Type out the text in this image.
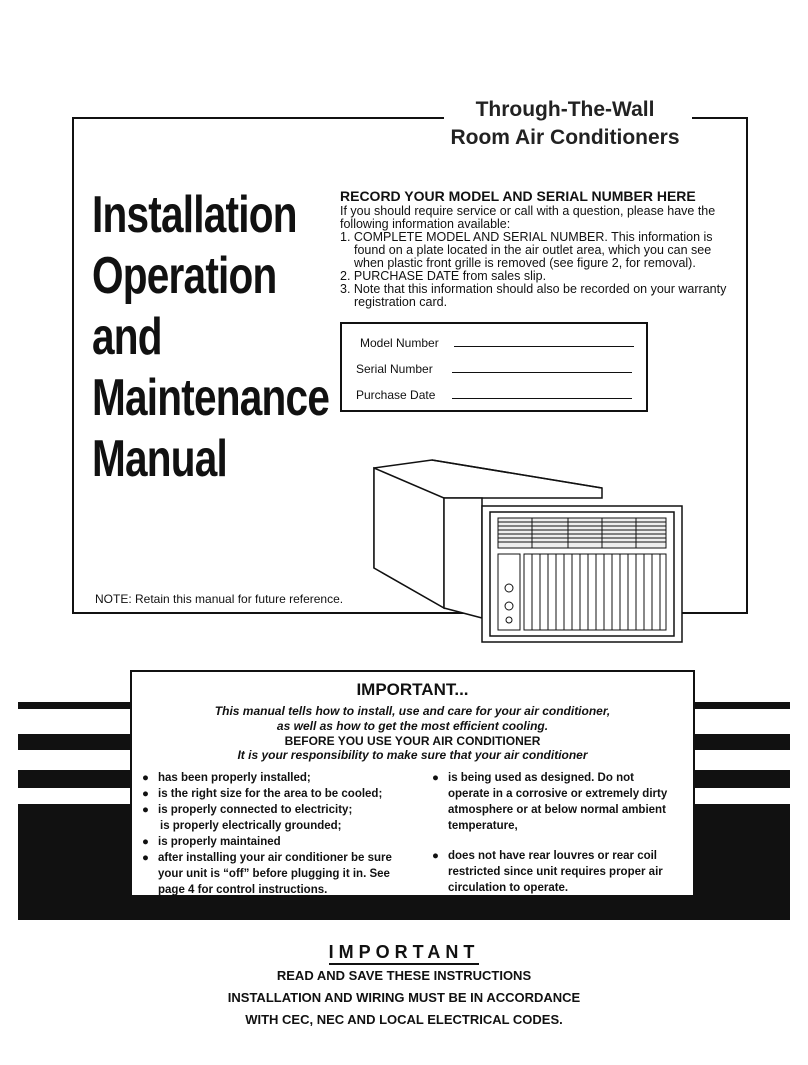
Through-The-Wall
Room Air Conditioners
Installation
Operation
and
Maintenance
Manual
RECORD YOUR MODEL AND SERIAL NUMBER HERE
If you should require service or call with a question, please have the following information available:
1. COMPLETE MODEL AND SERIAL NUMBER. This information is found on a plate located in the air outlet area, which you can see when plastic front grille is removed (see figure 2, for removal).
2. PURCHASE DATE from sales slip.
3. Note that this information should also be recorded on your warranty registration card.
Model Number
Serial Number
Purchase Date
NOTE: Retain this manual for future reference.
IMPORTANT...
This manual tells how to install, use and care for your air conditioner,
as well as how to get the most efficient cooling.
BEFORE YOU USE YOUR AIR CONDITIONER
It is your responsibility to make sure that your air conditioner
● has been properly installed;
● is the right size for the area to be cooled;
● is properly connected to electricity;
is properly electrically grounded;
● is properly maintained
● after installing your air conditioner be sure your unit is “off” before plugging it in. See page 4 for control instructions.
● is being used as designed. Do not operate in a corrosive or extremely dirty atmosphere or at below normal ambient temperature,
● does not have rear louvres or rear coil restricted since unit requires proper air circulation to operate.
IMPORTANT
READ AND SAVE THESE INSTRUCTIONS
INSTALLATION AND WIRING MUST BE IN ACCORDANCE
WITH CEC, NEC AND LOCAL ELECTRICAL CODES.
